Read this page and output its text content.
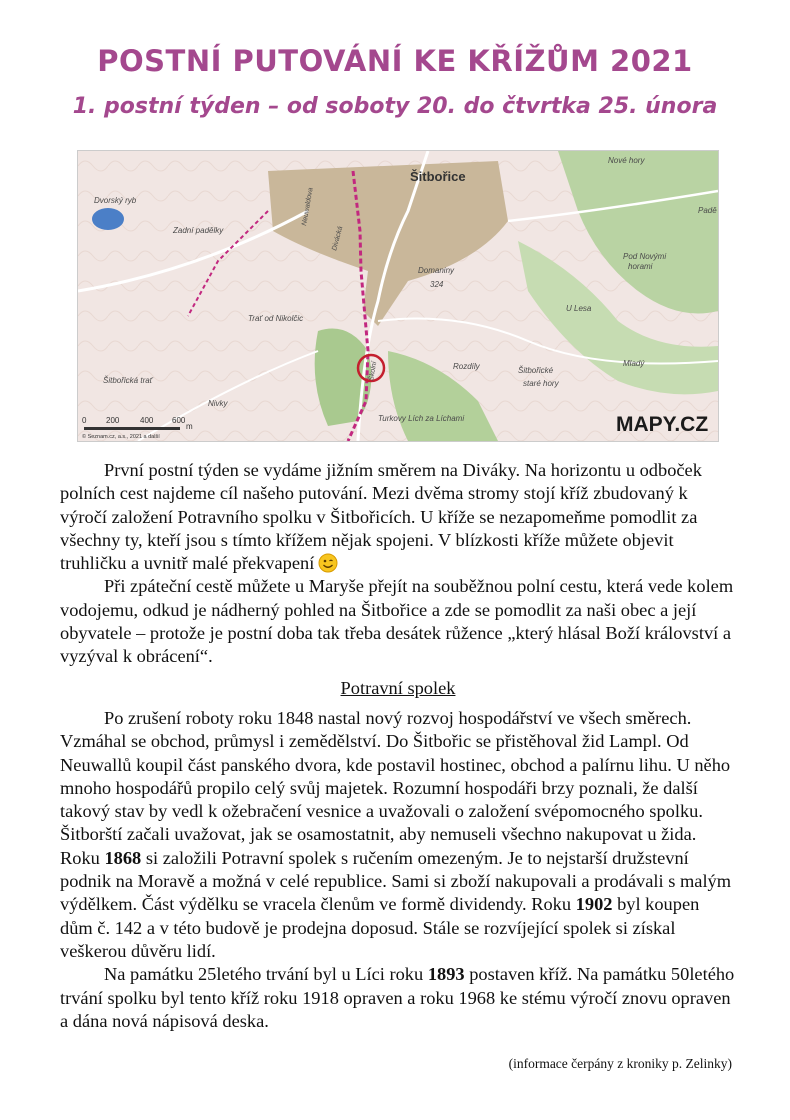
POSTNÍ PUTOVÁNÍ KE KŘÍŽŮM 2021
1. postní týden – od soboty 20. do čtvrtka 25. února
Šitbořice
Dvorský ryb
Zadní padělky
Trať od Nikolčic
Šitbořická trať
Nivky
Domaniny
324
Pod Novými
horami
Nové hory
Padě
U Lesa
Mladý
Rozdíly	Šitbořické
staré hory
Turkovy Lích za Líchami
Divácká
Neuwaldova
Školní
0 200	400 600
m
© Seznam.cz, a.s., 2021 a další
MAPY.CZ

První postní týden se vydáme jižním směrem na Diváky. Na horizontu u odboček polních cest najdeme cíl našeho putování. Mezi dvěma stromy stojí kříž zbudovaný k výročí založení Potravního spolku v Šitbořicích. U kříže se nezapomeňme pomodlit za všechny ty, kteří jsou s tímto křížem nějak spojeni. V blízkosti kříže můžete objevit truhličku a uvnitř malé překvapení

Při zpáteční cestě můžete u Maryše přejít na souběžnou polní cestu, která vede kolem vodojemu, odkud je nádherný pohled na Šitbořice a zde se pomodlit za naši obec a její obyvatele – protože je postní doba tak třeba desátek růžence „který hlásal Boží království a vyzýval k obrácení“.

Potravní spolek

Po zrušení roboty roku 1848 nastal nový rozvoj hospodářství ve všech směrech. Vzmáhal se obchod, průmysl i zemědělství. Do Šitbořic se přistěhoval žid Lampl. Od Neuwallů koupil část panského dvora, kde postavil hostinec, obchod a palírnu lihu. U něho mnoho hospodářů propilo celý svůj majetek. Rozumní hospodáři brzy poznali, že další takový stav by vedl k ožebračení vesnice a uvažovali o založení svépomocného spolku. Šitborští začali uvažovat, jak se osamostatnit, aby nemuseli všechno nakupovat u žida. Roku 1868 si založili Potravní spolek s ručením omezeným. Je to nejstarší družstevní podnik na Moravě a možná v celé republice. Sami si zboží nakupovali a prodávali s malým výdělkem. Část výdělku se vracela členům ve formě dividendy. Roku 1902 byl koupen dům č. 142 a v této budově je prodejna doposud. Stále se rozvíjející spolek si získal veškerou důvěru lidí.

Na památku 25letého trvání byl u Líci roku 1893 postaven kříž. Na památku 50letého trvání spolku byl tento kříž roku 1918 opraven a roku 1968 ke stému výročí znovu opraven a dána nová nápisová deska.

(informace čerpány z kroniky p. Zelinky)
